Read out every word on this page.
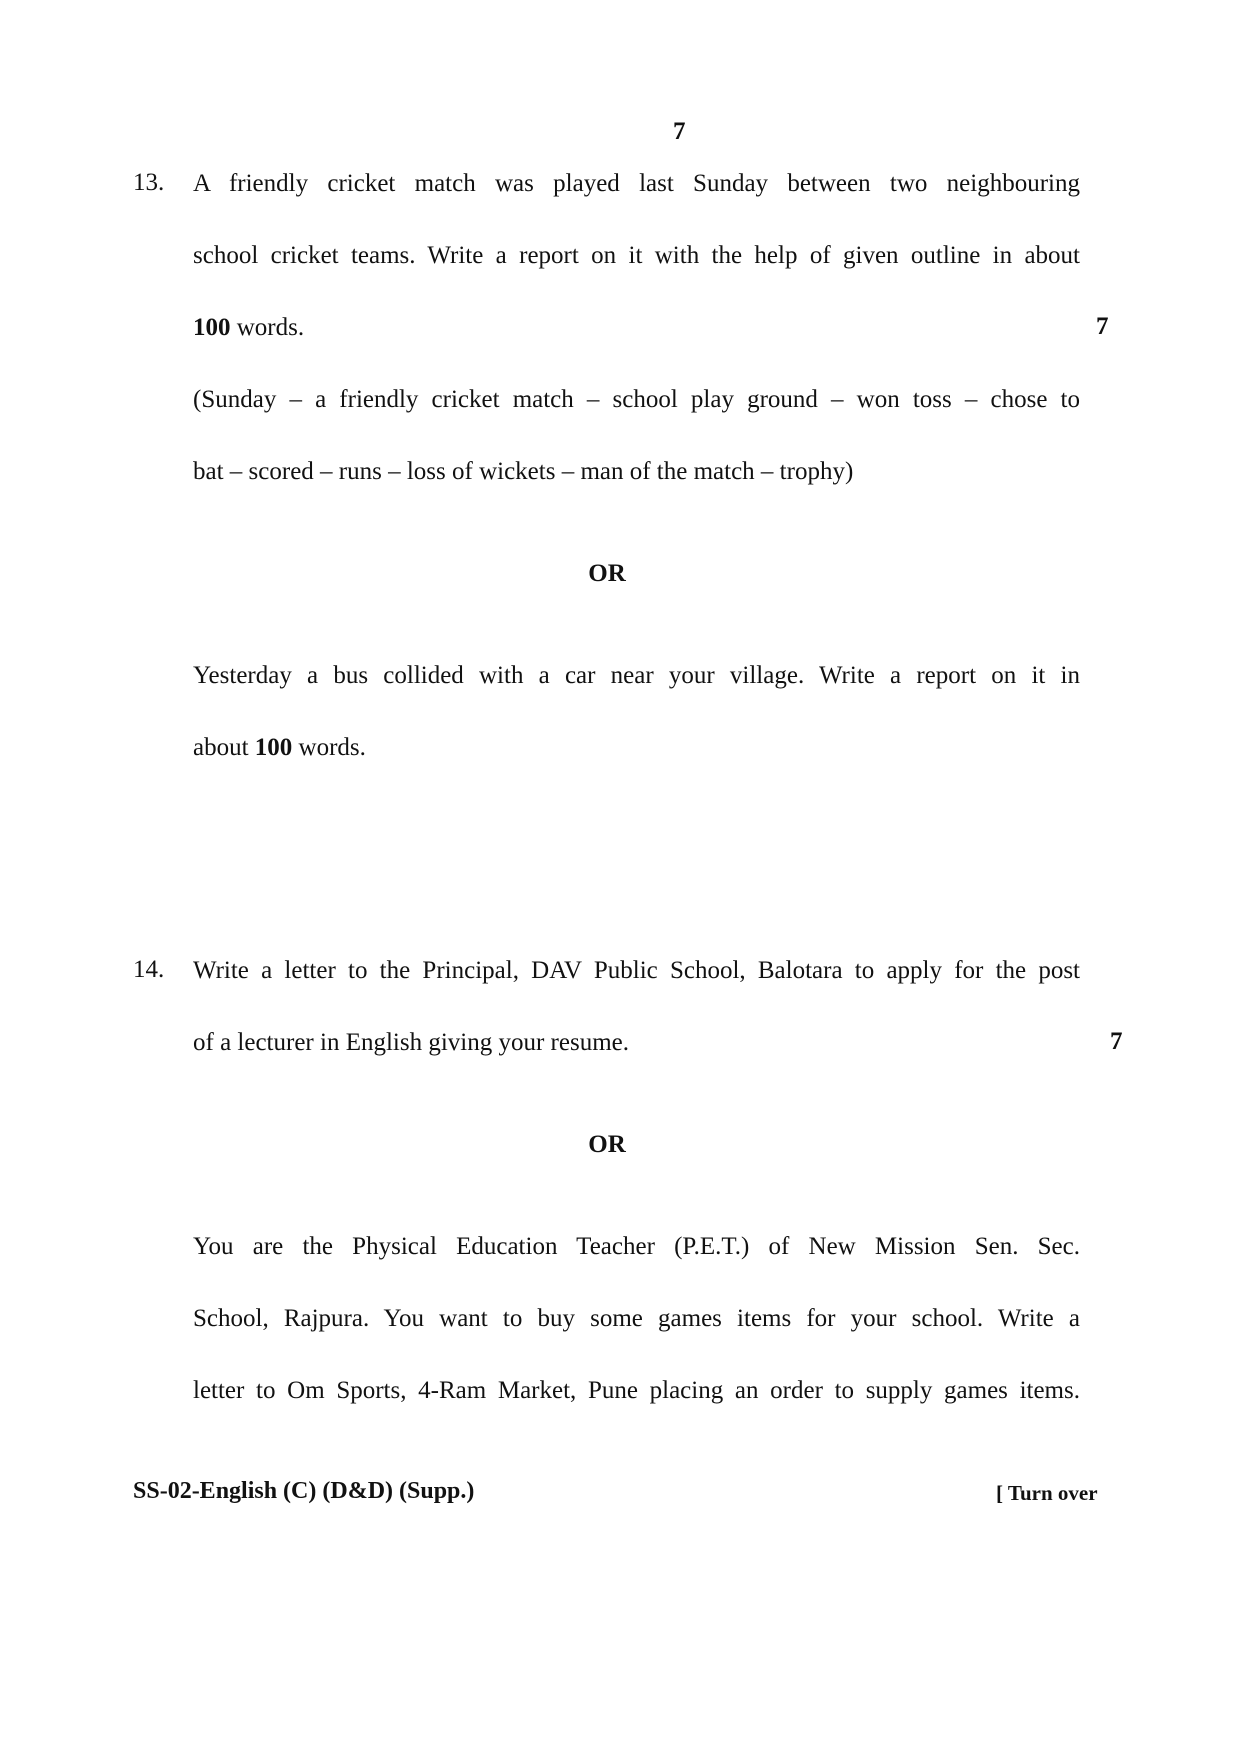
7
13. A friendly cricket match was played last Sunday between two neighbouring
school cricket teams. Write a report on it with the help of given outline in about
100 words.
(Sunday – a friendly cricket match – school play ground – won toss – chose to
bat – scored – runs – loss of wickets – man of the match – trophy)
7
OR
Yesterday a bus collided with a car near your village. Write a report on it in
about 100 words.
14. Write a letter to the Principal, DAV Public School, Balotara to apply for the post
of a lecturer in English giving your resume.	7
OR
You are the Physical Education Teacher (P.E.T.) of New Mission Sen. Sec.
School, Rajpura. You want to buy some games items for your school. Write a
letter to Om Sports, 4-Ram Market, Pune placing an order to supply games items.
SS-02-English (C) (D&D) (Supp.)	[ Turn over
